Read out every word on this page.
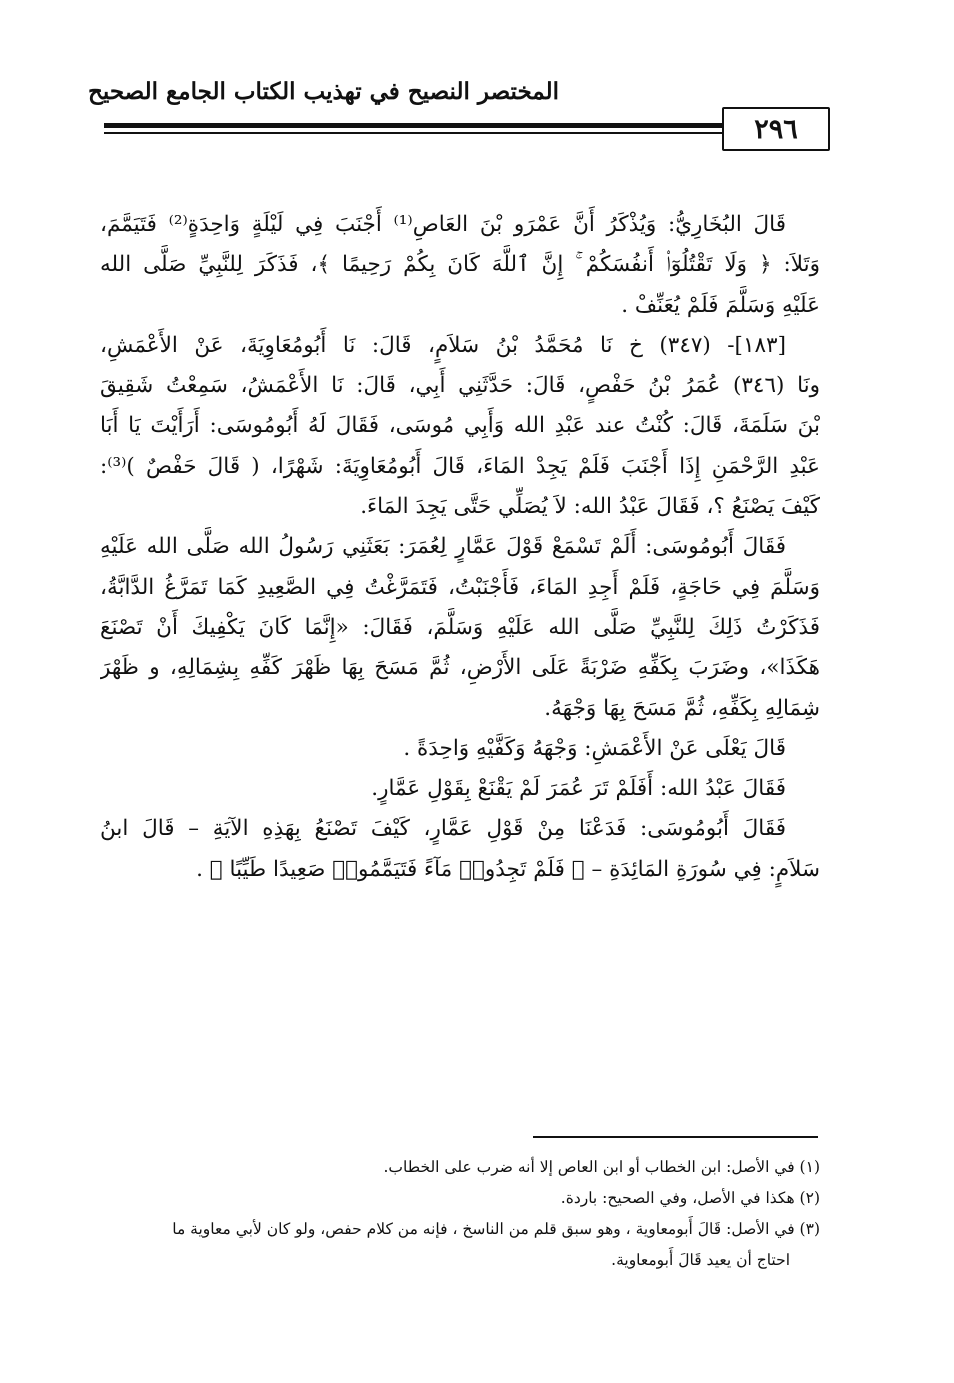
المختصر النصيح في تهذيب الكتاب الجامع الصحيح
٢٩٦
قَالَ البُخَارِيُّ: وَيُذْكَرُ أَنَّ عَمْرَو بْنَ العَاصِ⁽¹⁾ أَجْنَبَ فِي لَيْلَةٍ وَاحِدَةٍ⁽²⁾ فَتَيَمَّمَ،
وَتَلاَ: ﴿ وَلَا تَقْتُلُوٓا۟ أَنفُسَكُمْ ۚ إِنَّ ٱللَّهَ كَانَ بِكُمْ رَحِيمًا ﴾، فَذَكَرَ لِلنَّبِيِّ صَلَّى الله
عَلَيْهِ وَسَلَّمَ فَلَمْ يُعَنِّفْ .
[١٨٣]- (٣٤٧) خ نَا مُحَمَّدُ بْنُ سَلاَمٍ، قَالَ: نَا أَبُومُعَاوِيَةَ، عَنْ الأَعْمَشِ،
ونَا (٣٤٦) عُمَرُ بْنُ حَفْصٍ، قَالَ: حَدَّثَنِي أَبِي، قَالَ: نَا الأَعْمَشُ، سَمِعْتُ شَقِيقَ
بْنَ سَلَمَةَ، قَالَ: كُنْتُ عند عَبْدِ الله وَأَبِي مُوسَى، فَقَالَ لَهُ أَبُومُوسَى: أَرَأَيْتَ يَا أَبَا
عَبْدِ الرَّحْمَنِ إِذَا أَجْنَبَ فَلَمْ يَجِدْ المَاءَ، قَالَ أَبُومُعَاوِيَةَ: شَهْرًا، ( قَالَ حَفْصٌ )⁽³⁾:
كَيْفَ يَصْنَعُ ؟، فَقَالَ عَبْدُ الله: لاَ يُصَلِّي حَتَّى يَجِدَ المَاءَ.
فَقَالَ أَبُومُوسَى: أَلَمْ تَسْمَعْ قَوْلَ عَمَّارٍ لِعُمَرَ: بَعَثَنِي رَسُولُ الله صَلَّى الله عَلَيْهِ
وَسَلَّمَ فِي حَاجَةٍ، فَلَمْ أَجِدِ المَاءَ، فَأَجْنَبْتُ، فَتَمَرَّغْتُ فِي الصَّعِيدِ كَمَا تَمَرَّغُ الدَّابَّةُ،
فَذَكَرْتُ ذَلِكَ لِلنَّبِيِّ صَلَّى الله عَلَيْهِ وَسَلَّمَ، فَقَالَ: «إِنَّمَا كَانَ يَكْفِيكَ أَنْ تَصْنَعَ
هَكَذَا»، وضَرَبَ بِكَفِّهِ ضَرْبَةً عَلَى الأَرْضِ، ثُمَّ مَسَحَ بِهَا ظَهْرَ كَفِّهِ بِشِمَالِهِ، و ظَهْرَ
شِمَالِهِ بِكَفِّهِ، ثُمَّ مَسَحَ بِهَا وَجْهَهُ.
قَالَ يَعْلَى عَنْ الأَعْمَشِ: وَجْهَهُ وَكَفَّيْهِ وَاحِدَةً .
فَقَالَ عَبْدُ الله: أَفَلَمْ تَرَ عُمَرَ لَمْ يَقْنَعْ بِقَوْلِ عَمَّارٍ.
فَقَالَ أَبُومُوسَى: فَدَعْنَا مِنْ قَوْلِ عَمَّارٍ، كَيْفَ تَصْنَعُ بِهَذِهِ الآيَةِ – قَالَ ابنُ
سَلاَمٍ: فِي سُورَةِ المَائِدَةِ – ﴿ فَلَمْ تَجِدُوا۟ مَآءً فَتَيَمَّمُوا۟ صَعِيدًا طَيِّبًا ﴾ .
(١) في الأصل: ابن الخطاب أو ابن العاص إلا أنه ضرب على الخطاب.
(٢) هكذا في الأصل، وفي الصحيح: باردة.
(٣) في الأصل: قَالَ أَبومعاوية ، وهو سبق قلم من الناسخ ، فإنه من كلام حفص، ولو كان لأبي معاوية ما
احتاج أن يعيد قَالَ أَبومعاوية.
